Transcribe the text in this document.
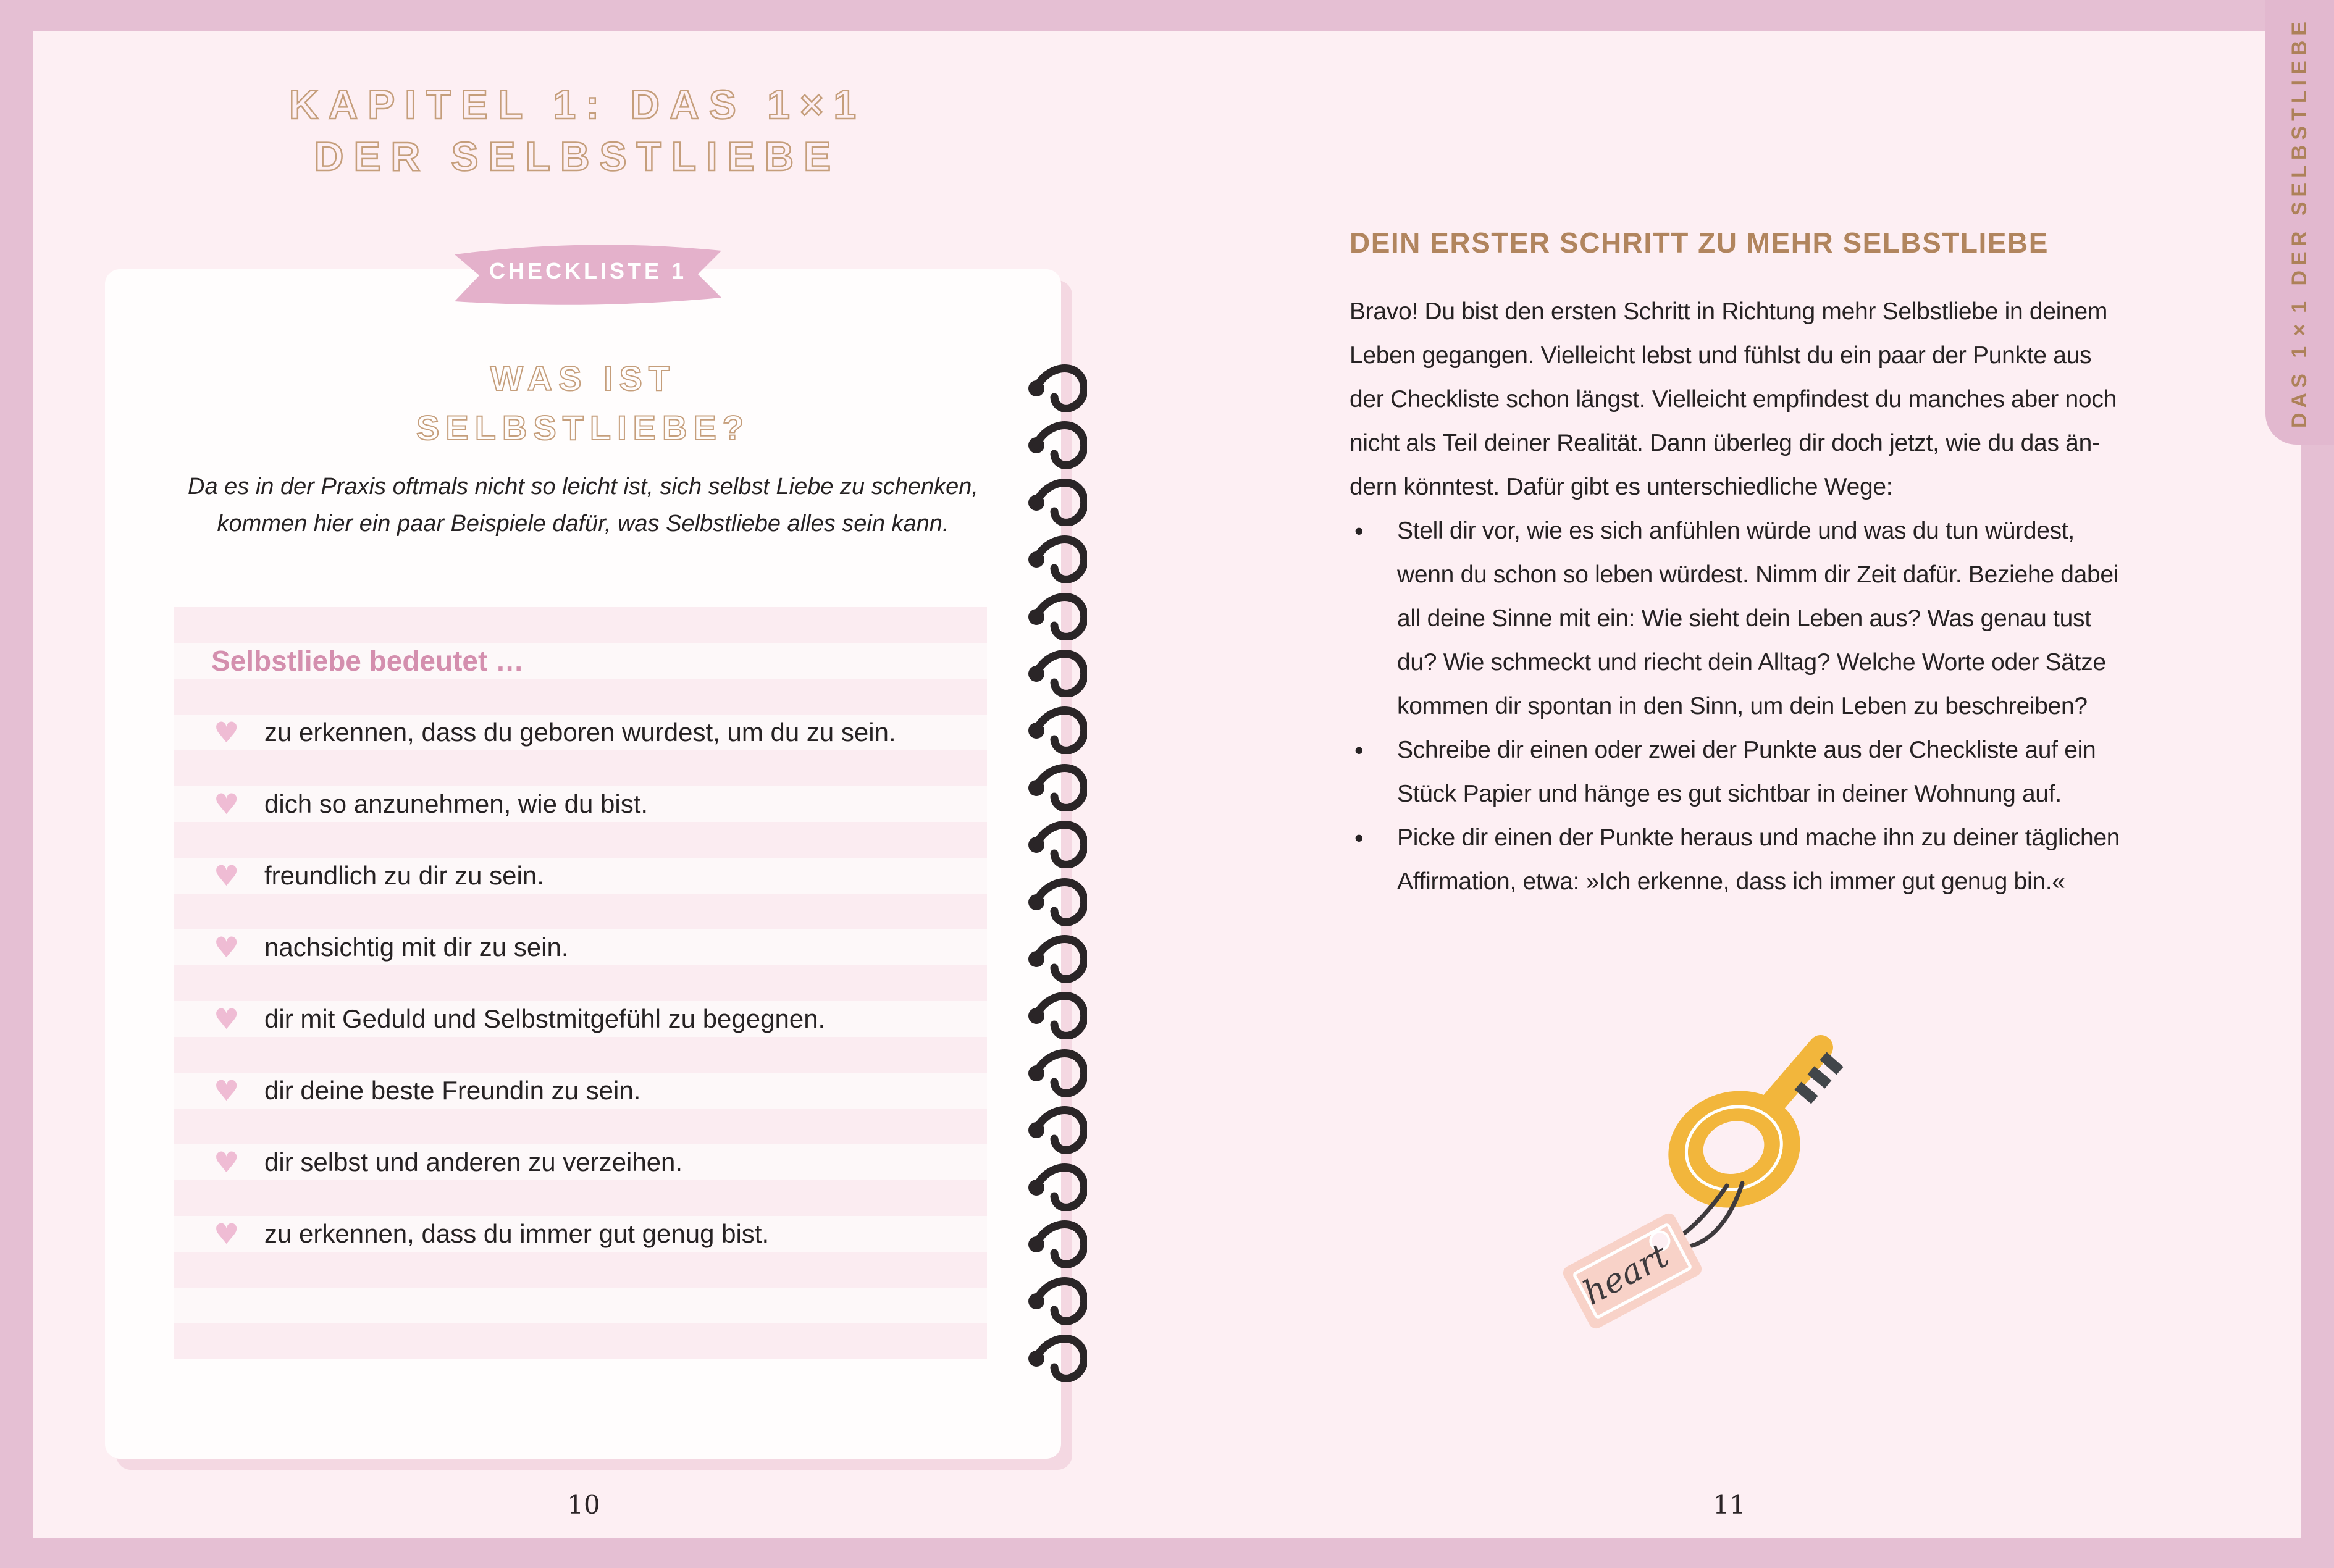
KAPITEL 1: DAS 1×1
DER SELBSTLIEBE
WAS IST
SELBSTLIEBE?
Da es in der Praxis oftmals nicht so leicht ist, sich selbst Liebe zu schenken,
kommen hier ein paar Beispiele dafür, was Selbstliebe alles sein kann.
Selbstliebe bedeutet …
♥ zu erkennen, dass du geboren wurdest, um du zu sein.
♥ dich so anzunehmen, wie du bist.
♥ freundlich zu dir zu sein.
♥ nachsichtig mit dir zu sein.
♥ dir mit Geduld und Selbstmitgefühl zu begegnen.
♥ dir deine beste Freundin zu sein.
♥ dir selbst und anderen zu verzeihen.
♥ zu erkennen, dass du immer gut genug bist.
CHECKLISTE 1
10
DEIN ERSTER SCHRITT ZU MEHR SELBSTLIEBE
Bravo! Du bist den ersten Schritt in Richtung mehr Selbstliebe in deinem
Leben gegangen. Vielleicht lebst und fühlst du ein paar der Punkte aus
der Checkliste schon längst. Vielleicht empfindest du manches aber noch
nicht als Teil deiner Realität. Dann überleg dir doch jetzt, wie du das än-
dern könntest. Dafür gibt es unterschiedliche Wege:
• Stell dir vor, wie es sich anfühlen würde und was du tun würdest,
wenn du schon so leben würdest. Nimm dir Zeit dafür. Beziehe dabei
all deine Sinne mit ein: Wie sieht dein Leben aus? Was genau tust
du? Wie schmeckt und riecht dein Alltag? Welche Worte oder Sätze
kommen dir spontan in den Sinn, um dein Leben zu beschreiben?
• Schreibe dir einen oder zwei der Punkte aus der Checkliste auf ein
Stück Papier und hänge es gut sichtbar in deiner Wohnung auf.
• Picke dir einen der Punkte heraus und mache ihn zu deiner täglichen
Affirmation, etwa: »Ich erkenne, dass ich immer gut genug bin.«
heart
11
DAS 1×1 DER SELBSTLIEBE
